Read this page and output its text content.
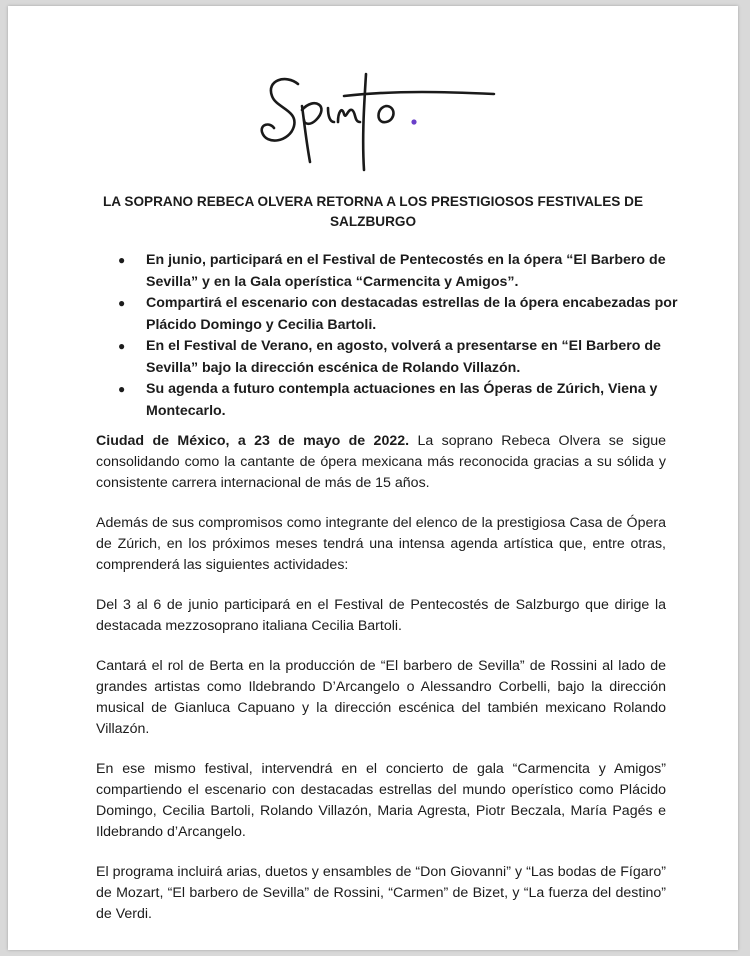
LA SOPRANO REBECA OLVERA RETORNA A LOS PRESTIGIOSOS FESTIVALES DE SALZBURGO
● En junio, participará en el Festival de Pentecostés en la ópera “El Barbero de Sevilla” y en la Gala operística “Carmencita y Amigos”.
● Compartirá el escenario con destacadas estrellas de la ópera encabezadas por Plácido Domingo y Cecilia Bartoli.
● En el Festival de Verano, en agosto, volverá a presentarse en “El Barbero de Sevilla” bajo la dirección escénica de Rolando Villazón.
● Su agenda a futuro contempla actuaciones en las Óperas de Zúrich, Viena y Montecarlo.

Ciudad de México, a 23 de mayo de 2022. La soprano Rebeca Olvera se sigue consolidando como la cantante de ópera mexicana más reconocida gracias a su sólida y consistente carrera internacional de más de 15 años.

Además de sus compromisos como integrante del elenco de la prestigiosa Casa de Ópera de Zúrich, en los próximos meses tendrá una intensa agenda artística que, entre otras, comprenderá las siguientes actividades:

Del 3 al 6 de junio participará en el Festival de Pentecostés de Salzburgo que dirige la destacada mezzosoprano italiana Cecilia Bartoli.

Cantará el rol de Berta en la producción de “El barbero de Sevilla” de Rossini al lado de grandes artistas como Ildebrando D’Arcangelo o Alessandro Corbelli, bajo la dirección musical de Gianluca Capuano y la dirección escénica del también mexicano Rolando Villazón.

En ese mismo festival, intervendrá en el concierto de gala “Carmencita y Amigos” compartiendo el escenario con destacadas estrellas del mundo operístico como Plácido Domingo, Cecilia Bartoli, Rolando Villazón, Maria Agresta, Piotr Beczala, María Pagés e Ildebrando d’Arcangelo.

El programa incluirá arias, duetos y ensambles de “Don Giovanni” y “Las bodas de Fígaro” de Mozart, “El barbero de Sevilla” de Rossini, “Carmen” de Bizet, y “La fuerza del destino” de Verdi.
